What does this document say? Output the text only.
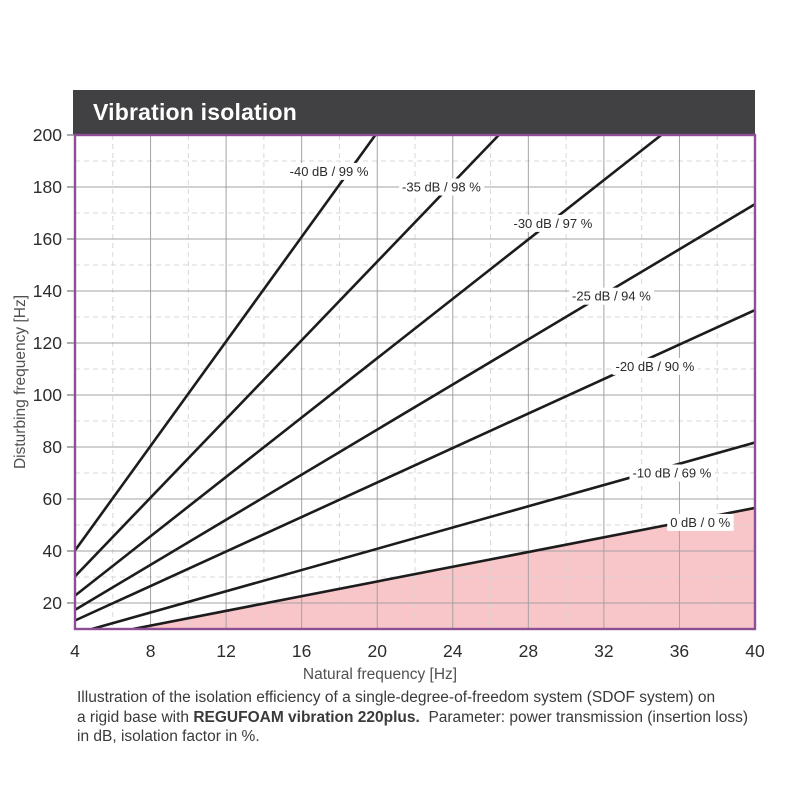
Vibration isolation
-40 dB / 99 %
-35 dB / 98 %
-30 dB / 97 %
-25 dB / 94 %
-20 dB / 90 %
-10 dB / 69 %
0 dB / 0 %
20
40
60
80
100
120
140
160
180
200
4	8	12	16	20	24	28	32	36	40
Natural frequency [Hz]
Disturbing frequency [Hz]
Illustration of the isolation efficiency of a single-degree-of-freedom system (SDOF system) on
a rigid base with REGUFOAM vibration 220plus.  Parameter: power transmission (insertion loss)
in dB, isolation factor in %.
